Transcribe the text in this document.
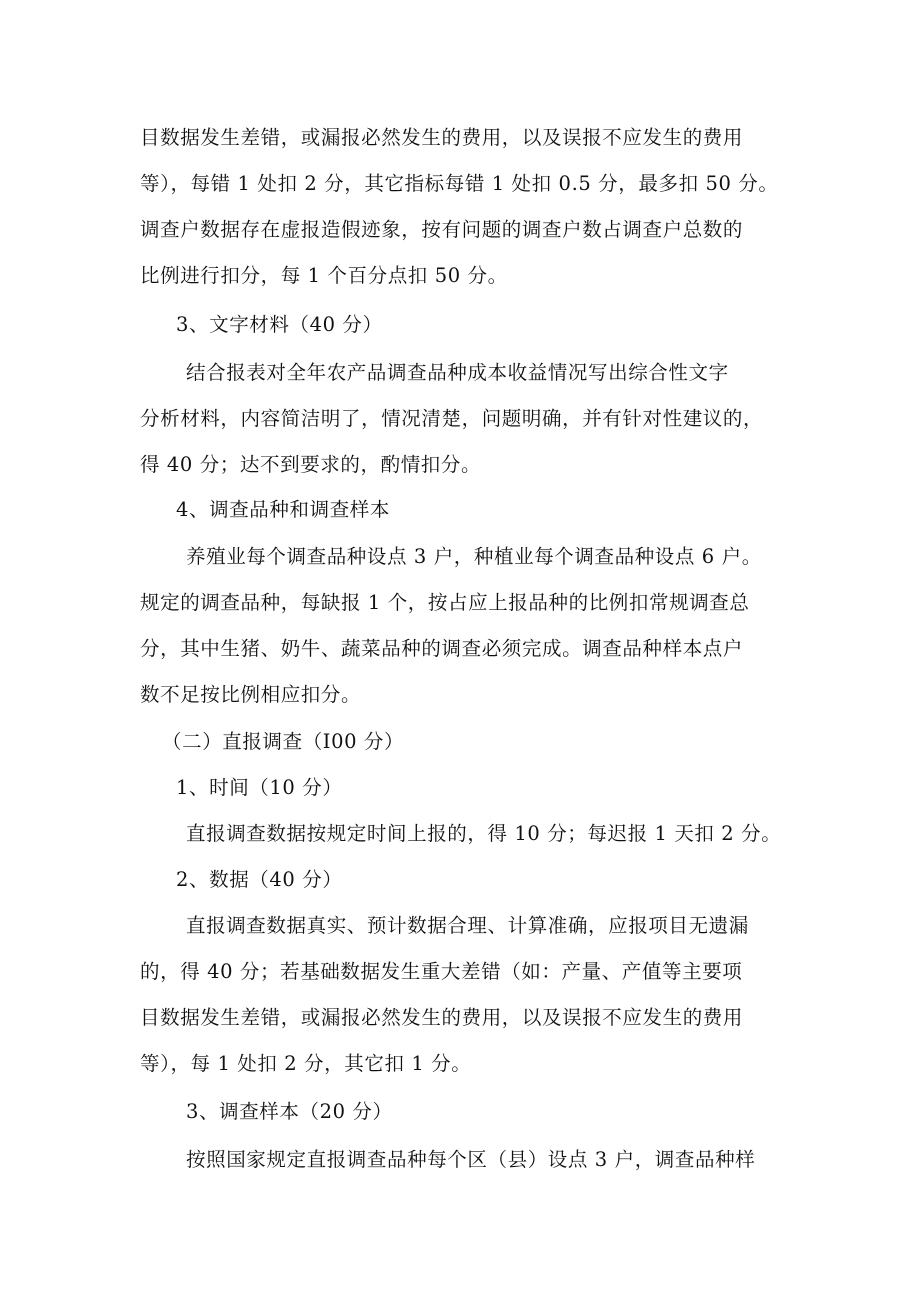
目数据发生差错，或漏报必然发生的费用，以及误报不应发生的费用
等），每错 1 处扣 2 分，其它指标每错 1 处扣 0.5 分，最多扣 50 分。
调查户数据存在虚报造假迹象，按有问题的调查户数占调查户总数的
比例进行扣分，每 1 个百分点扣 50 分。
3、文字材料（40 分）
结合报表对全年农产品调查品种成本收益情况写出综合性文字
分析材料，内容简洁明了，情况清楚，问题明确，并有针对性建议的，
得 40 分；达不到要求的，酌情扣分。
4、调查品种和调查样本
养殖业每个调查品种设点 3 户，种植业每个调查品种设点 6 户。
规定的调查品种，每缺报 1 个，按占应上报品种的比例扣常规调查总
分，其中生猪、奶牛、蔬菜品种的调查必须完成。调查品种样本点户
数不足按比例相应扣分。
（二）直报调查（I00 分）
1、时间（10 分）
直报调查数据按规定时间上报的，得 10 分；每迟报 1 天扣 2 分。
2、数据（40 分）
直报调查数据真实、预计数据合理、计算准确，应报项目无遗漏
的，得 40 分；若基础数据发生重大差错（如：产量、产值等主要项
目数据发生差错，或漏报必然发生的费用，以及误报不应发生的费用
等），每 1 处扣 2 分，其它扣 1 分。
3、调查样本（20 分）
按照国家规定直报调查品种每个区（县）设点 3 户，调查品种样
